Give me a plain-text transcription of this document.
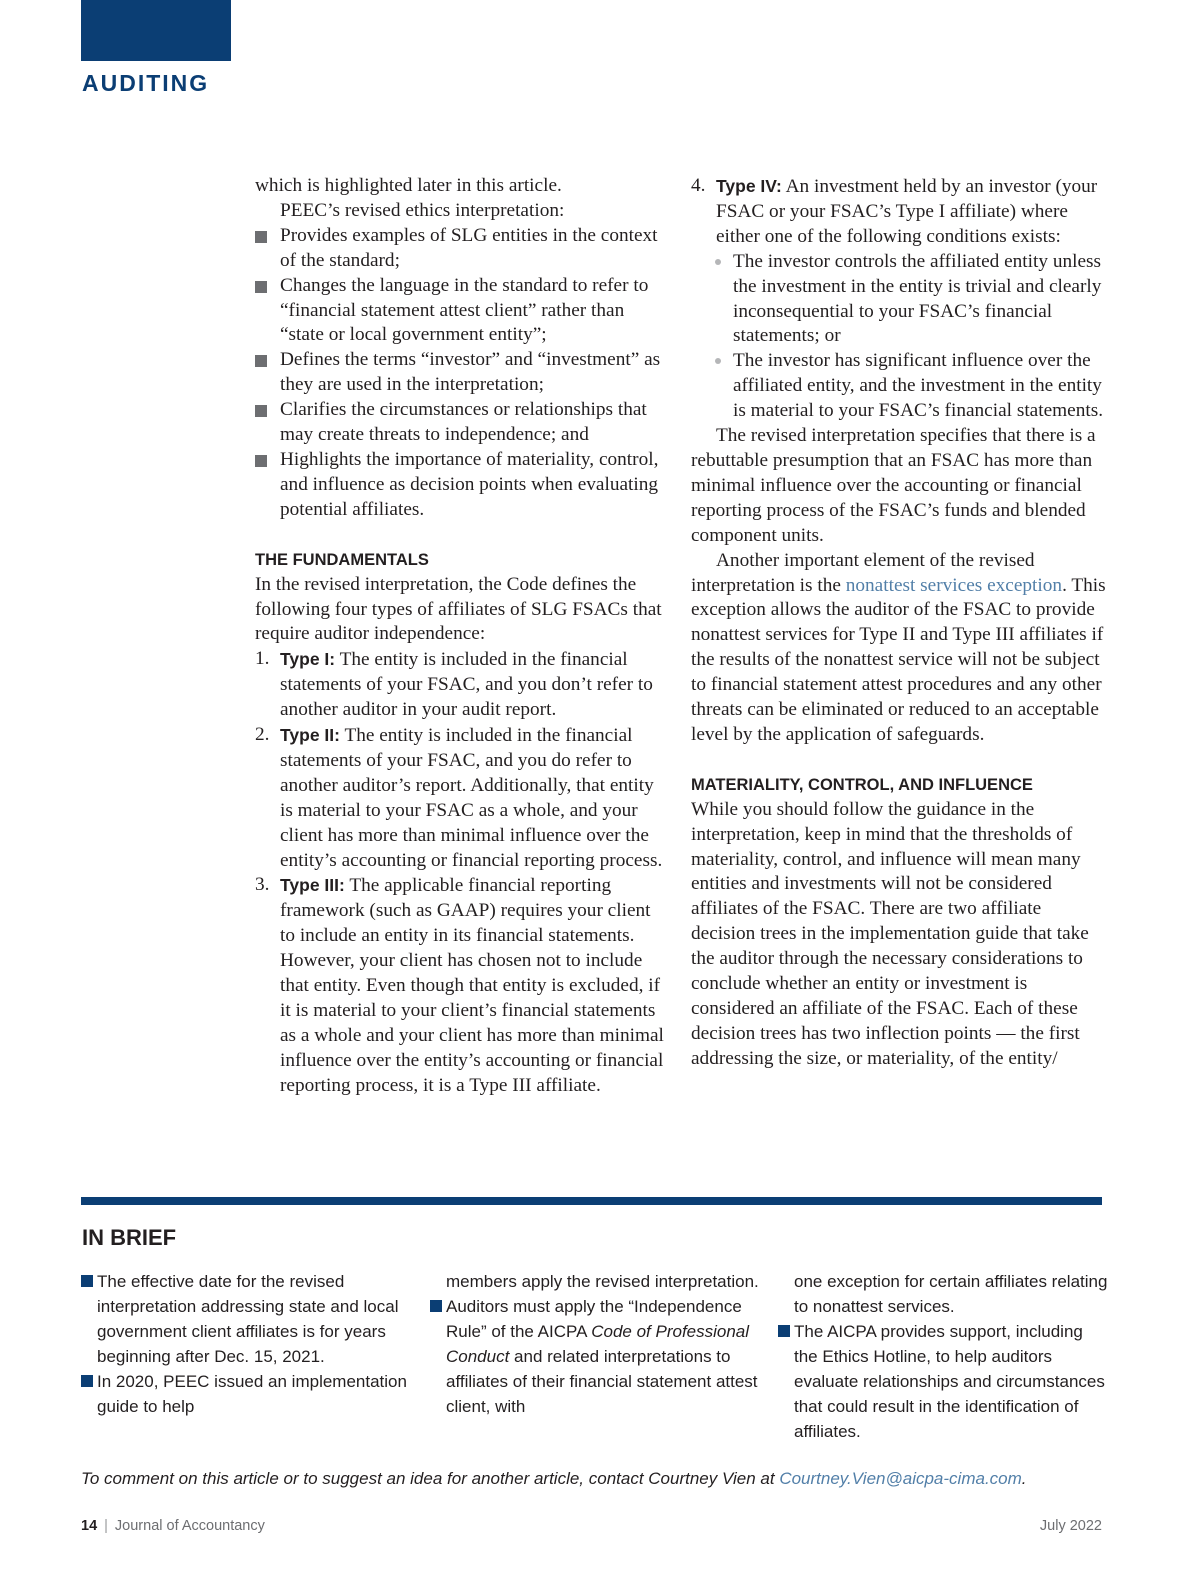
AUDITING

which is highlighted later in this article.

PEEC’s revised ethics interpretation:

Provides examples of SLG entities in the context of the standard;
Changes the language in the standard to refer to “financial statement attest client” rather than “state or local government entity”;
Defines the terms “investor” and “investment” as they are used in the interpretation;
Clarifies the circumstances or relationships that may create threats to independence; and
Highlights the importance of materiality, control, and influence as decision points when evaluating potential affiliates.

THE FUNDAMENTALS

In the revised interpretation, the Code defines the following four types of affiliates of SLG FSACs that require auditor independence:

1. Type I: The entity is included in the financial statements of your FSAC, and you don’t refer to another auditor in your audit report.
2. Type II: The entity is included in the financial statements of your FSAC, and you do refer to another auditor’s report. Additionally, that entity is material to your FSAC as a whole, and your client has more than minimal influence over the entity’s accounting or financial reporting process.
3. Type III: The applicable financial reporting framework (such as GAAP) requires your client to include an entity in its financial statements. However, your client has chosen not to include that entity. Even though that entity is excluded, if it is material to your client’s financial statements as a whole and your client has more than minimal influence over the entity’s accounting or financial reporting process, it is a Type III affiliate.
4. Type IV: An investment held by an investor (your FSAC or your FSAC’s Type I affiliate) where either one of the following conditions exists:
The investor controls the affiliated entity unless the investment in the entity is trivial and clearly inconsequential to your FSAC’s financial statements; or
The investor has significant influence over the affiliated entity, and the investment in the entity is material to your FSAC’s financial statements.

The revised interpretation specifies that there is a rebuttable presumption that an FSAC has more than minimal influence over the accounting or financial reporting process of the FSAC’s funds and blended component units.

Another important element of the revised interpretation is the nonattest services exception. This exception allows the auditor of the FSAC to provide nonattest services for Type II and Type III affiliates if the results of the nonattest service will not be subject to financial statement attest procedures and any other threats can be eliminated or reduced to an acceptable level by the application of safeguards.

MATERIALITY, CONTROL, AND INFLUENCE

While you should follow the guidance in the interpretation, keep in mind that the thresholds of materiality, control, and influence will mean many entities and investments will not be considered affiliates of the FSAC. There are two affiliate decision trees in the implementation guide that take the auditor through the necessary considerations to conclude whether an entity or investment is considered an affiliate of the FSAC. Each of these decision trees has two inflection points — the first addressing the size, or materiality, of the entity/

IN BRIEF

The effective date for the revised interpretation addressing state and local government client affiliates is for years beginning after Dec. 15, 2021.

In 2020, PEEC issued an implementation guide to help

members apply the revised interpretation.

Auditors must apply the “Independence Rule” of the AICPA Code of Professional Conduct and related interpretations to affiliates of their financial statement attest client, with

one exception for certain affiliates relating to nonattest services.

The AICPA provides support, including the Ethics Hotline, to help auditors evaluate relationships and circumstances that could result in the identification of affiliates.

To comment on this article or to suggest an idea for another article, contact Courtney Vien at Courtney.Vien@aicpa-cima.com.
14 | Journal of Accountancy	July 2022
